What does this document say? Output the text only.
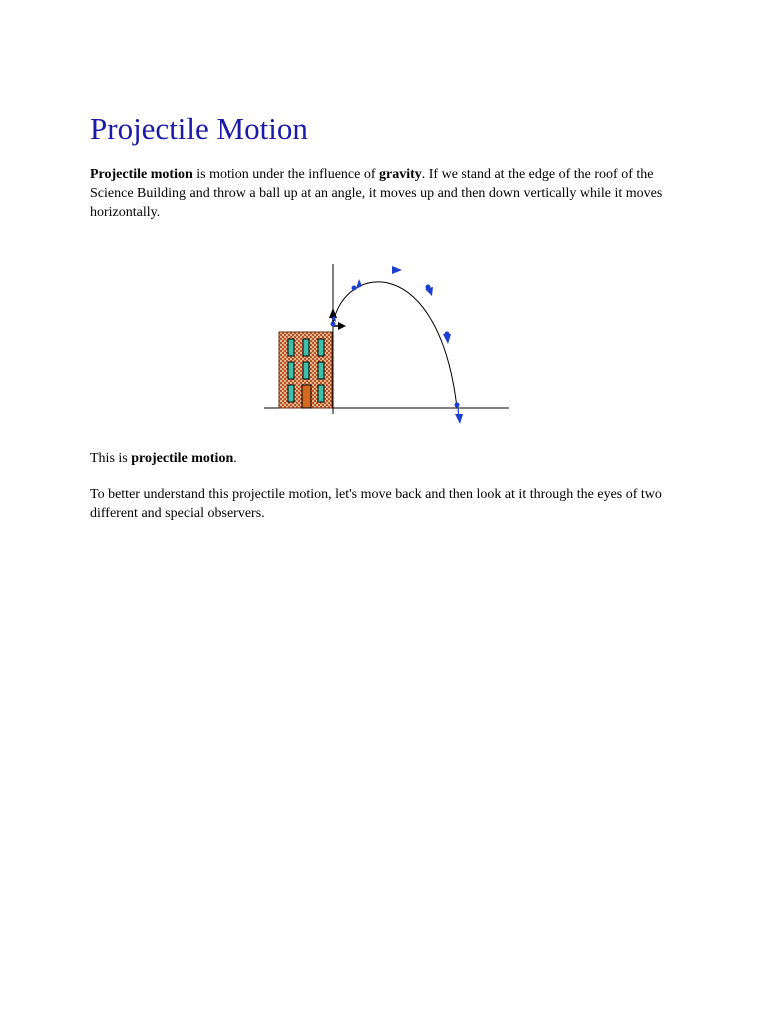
Projectile Motion

Projectile motion is motion under the influence of gravity. If we stand at the edge of the roof of the Science Building and throw a ball up at an angle, it moves up and then down vertically while it moves horizontally.

This is projectile motion.

To better understand this projectile motion, let's move back and then look at it through the eyes of two different and special observers.
